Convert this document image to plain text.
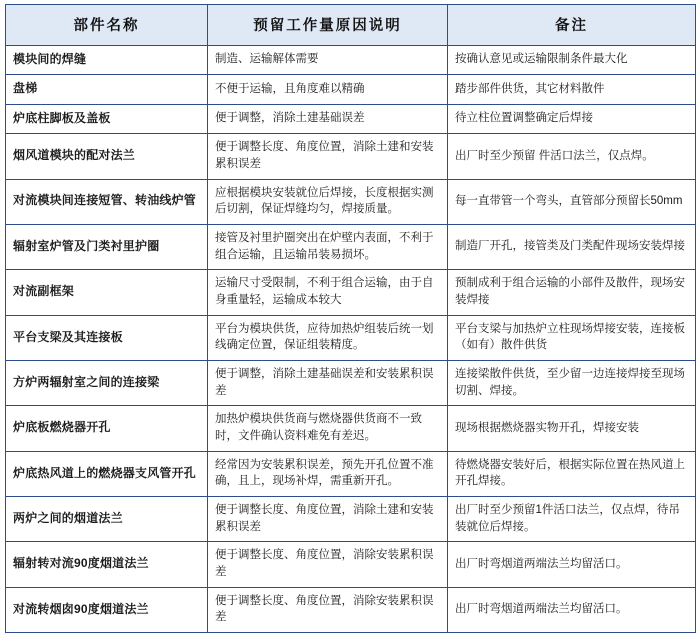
部件名称	预留工作量原因说明	备注
模块间的焊缝	制造、运输解体需要	按确认意见或运输限制条件最大化
盘梯	不便于运输，且角度难以精确	踏步部件供货，其它材料散件
炉底柱脚板及盖板	便于调整，消除土建基础误差	待立柱位置调整确定后焊接
烟风道模块的配对法兰	便于调整长度、角度位置，消除土建和安装累积误差	出厂时至少预留 件活口法兰，仅点焊。
对流模块间连接短管、转油线炉管	应根据模块安装就位后焊接，长度根据实测后切割，保证焊缝均匀，焊接质量。	每一直带管一个弯头，直管部分预留长50mm
辐射室炉管及门类衬里护圈	接管及衬里护圈突出在炉壁内表面，不利于组合运输，且运输吊装易损坏。	制造厂开孔，接管类及门类配件现场安装焊接
对流副框架	运输尺寸受限制，不利于组合运输，由于自身重量轻，运输成本较大	预制成利于组合运输的小部件及散件，现场安装焊接
平台支梁及其连接板	平台为模块供货，应待加热炉组装后统一划线确定位置，保证组装精度。	平台支梁与加热炉立柱现场焊接安装，连接板（如有）散件供货
方炉两辐射室之间的连接梁	便于调整，消除土建基础误差和安装累积误差	连接梁散件供货，至少留一边连接焊接至现场切割、焊接。
炉底板燃烧器开孔	加热炉模块供货商与燃烧器供货商不一致时，文件确认资料难免有差迟。	现场根据燃烧器实物开孔，焊接安装
炉底热风道上的燃烧器支风管开孔	经常因为安装累积误差，预先开孔位置不准确，且上，现场补焊，需重新开孔。	待燃烧器安装好后，根据实际位置在热风道上开孔焊接。
两炉之间的烟道法兰	便于调整长度、角度位置，消除土建和安装累积误差	出厂时至少预留1件活口法兰，仅点焊，待吊装就位后焊接。
辐射转对流90度烟道法兰	便于调整长度、角度位置，消除安装累积误差	出厂时弯烟道两端法兰均留活口。
对流转烟囱90度烟道法兰	便于调整长度、角度位置，消除安装累积误差	出厂时弯烟道两端法兰均留活口。
